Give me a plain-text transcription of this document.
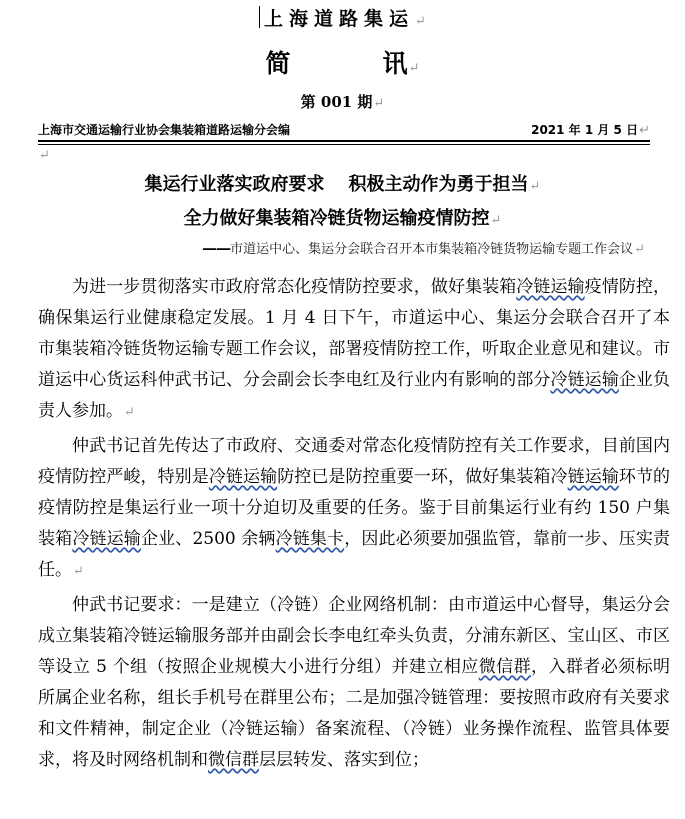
上海道路集运↵
简	讯↵
第 001 期↵
上海市交通运输行业协会集装箱道路运输分会编	2021 年 1 月 5 日↵
↵
集运行业落实政府要求 积极主动作为勇于担当↵
全力做好集装箱冷链货物运输疫情防控↵
——市道运中心、集运分会联合召开本市集装箱冷链货物运输专题工作会议↵

为进一步贯彻落实市政府常态化疫情防控要求，做好集装箱冷链运输疫情防控，确保集运行业健康稳定发展。1 月 4 日下午，市道运中心、集运分会联合召开了本市集装箱冷链货物运输专题工作会议，部署疫情防控工作，听取企业意见和建议。市道运中心货运科仲武书记、分会副会长李电红及行业内有影响的部分冷链运输企业负责人参加。↵

仲武书记首先传达了市政府、交通委对常态化疫情防控有关工作要求，目前国内疫情防控严峻，特别是冷链运输防控已是防控重要一环，做好集装箱冷链运输环节的疫情防控是集运行业一项十分迫切及重要的任务。鉴于目前集运行业有约 150 户集装箱冷链运输企业、2500 余辆冷链集卡，因此必须要加强监管，靠前一步、压实责任。↵

仲武书记要求：一是建立（冷链）企业网络机制：由市道运中心督导，集运分会成立集装箱冷链运输服务部并由副会长李电红牵头负责，分浦东新区、宝山区、市区等设立 5 个组（按照企业规模大小进行分组）并建立相应微信群，入群者必须标明所属企业名称，组长手机号在群里公布；二是加强冷链管理：要按照市政府有关要求和文件精神，制定企业（冷链运输）备案流程、（冷链）业务操作流程、监管具体要求，将及时网络机制和微信群层层转发、落实到位；
